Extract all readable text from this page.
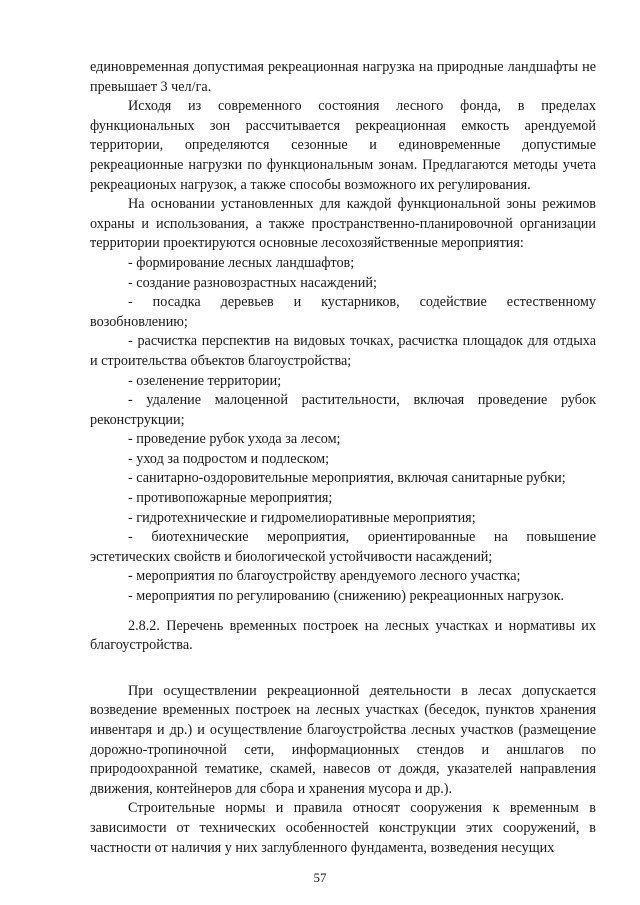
единовременная допустимая рекреационная нагрузка на природные ландшафты не превышает 3 чел/га.

Исходя из современного состояния лесного фонда, в пределах функциональных зон рассчитывается рекреационная емкость арендуемой территории, определяются сезонные и единовременные допустимые рекреационные нагрузки по функциональным зонам. Предлагаются методы учета рекреационых нагрузок, а также способы возможного их регулирования.

На основании установленных для каждой функциональной зоны режимов охраны и использования, а также пространственно-планировочной организации территории проектируются основные лесохозяйственные мероприятия:

- формирование лесных ландшафтов;

- создание разновозрастных насаждений;

- посадка деревьев и кустарников, содействие естественному возобновлению;

- расчистка перспектив на видовых точках, расчистка площадок для отдыха и строительства объектов благоустройства;

- озеленение территории;

- удаление малоценной растительности, включая проведение рубок реконструкции;

- проведение рубок ухода за лесом;

- уход за подростом и подлеском;

- санитарно-оздоровительные мероприятия, включая санитарные рубки;

- противопожарные мероприятия;

- гидротехнические и гидромелиоративные мероприятия;

- биотехнические мероприятия, ориентированные на повышение эстетических свойств и биологической устойчивости насаждений;

- мероприятия по благоустройству арендуемого лесного участка;

- мероприятия по регулированию (снижению) рекреационных нагрузок.

2.8.2. Перечень временных построек на лесных участках и нормативы их благоустройства.

При осуществлении рекреационной деятельности в лесах допускается возведение временных построек на лесных участках (беседок, пунктов хранения инвентаря и др.) и осуществление благоустройства лесных участков (размещение дорожно-тропиночной сети, информационных стендов и аншлагов по природоохранной тематике, скамей, навесов от дождя, указателей направления движения, контейнеров для сбора и хранения мусора и др.).

Строительные нормы и правила относят сооружения к временным в зависимости от технических особенностей конструкции этих сооружений, в частности от наличия у них заглубленного фундамента, возведения несущих

57
